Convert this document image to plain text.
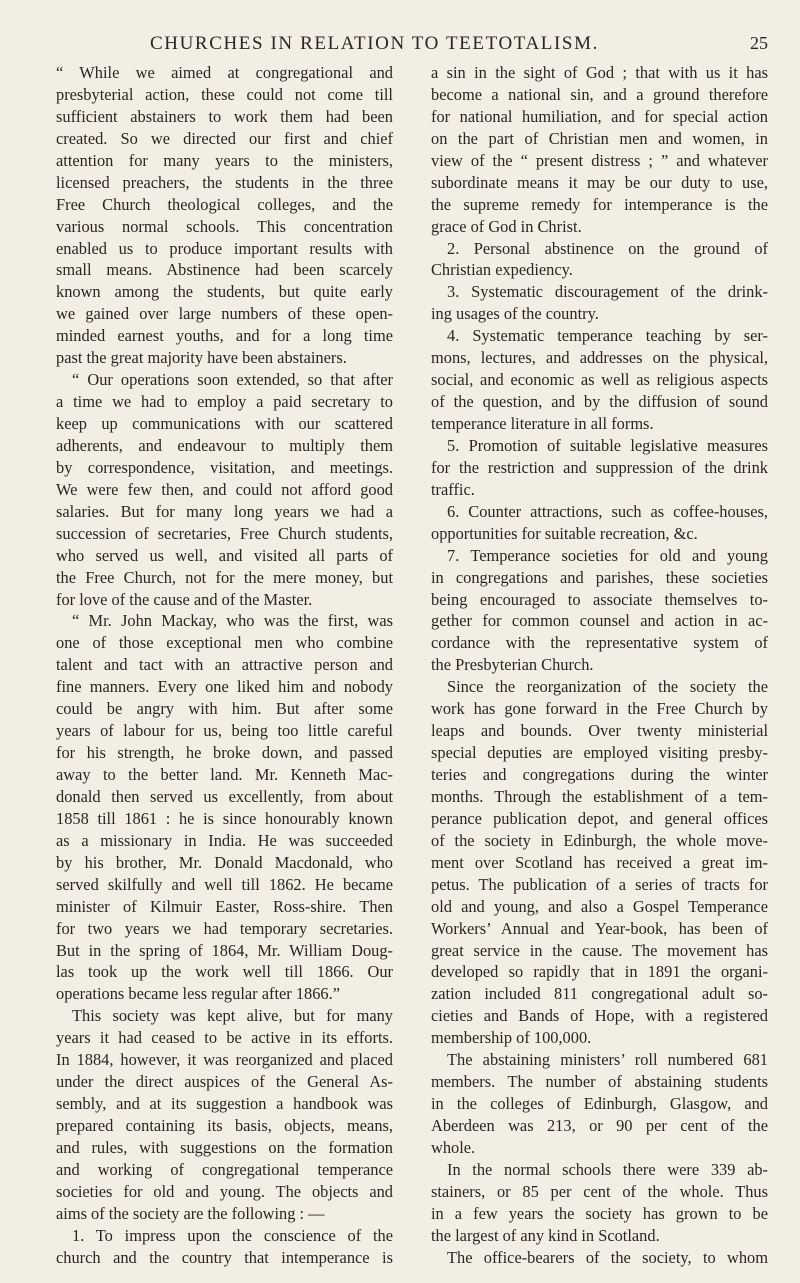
CHURCHES IN RELATION TO TEETOTALISM.	25
“ While we aimed at congregational and
presbyterial action, these could not come till
sufficient abstainers to work them had been
created. So we directed our first and chief
attention for many years to the ministers,
licensed preachers, the students in the three
Free Church theological colleges, and the
various normal schools. This concentration
enabled us to produce important results with
small means. Abstinence had been scarcely
known among the students, but quite early
we gained over large numbers of these open-
minded earnest youths, and for a long time
past the great majority have been abstainers.
“ Our operations soon extended, so that after
a time we had to employ a paid secretary to
keep up communications with our scattered
adherents, and endeavour to multiply them
by correspondence, visitation, and meetings.
We were few then, and could not afford good
salaries. But for many long years we had a
succession of secretaries, Free Church students,
who served us well, and visited all parts of
the Free Church, not for the mere money, but
for love of the cause and of the Master.
“ Mr. John Mackay, who was the first, was
one of those exceptional men who combine
talent and tact with an attractive person and
fine manners. Every one liked him and nobody
could be angry with him. But after some
years of labour for us, being too little careful
for his strength, he broke down, and passed
away to the better land. Mr. Kenneth Mac-
donald then served us excellently, from about
1858 till 1861 : he is since honourably known
as a missionary in India. He was succeeded
by his brother, Mr. Donald Macdonald, who
served skilfully and well till 1862. He became
minister of Kilmuir Easter, Ross-shire. Then
for two years we had temporary secretaries.
But in the spring of 1864, Mr. William Doug-
las took up the work well till 1866. Our
operations became less regular after 1866.”
This society was kept alive, but for many
years it had ceased to be active in its efforts.
In 1884, however, it was reorganized and placed
under the direct auspices of the General As-
sembly, and at its suggestion a handbook was
prepared containing its basis, objects, means,
and rules, with suggestions on the formation
and working of congregational temperance
societies for old and young. The objects and
aims of the society are the following : —
1. To impress upon the conscience of the
church and the country that intemperance is
a sin in the sight of God ; that with us it has
become a national sin, and a ground therefore
for national humiliation, and for special action
on the part of Christian men and women, in
view of the “ present distress ; ” and whatever
subordinate means it may be our duty to use,
the supreme remedy for intemperance is the
grace of God in Christ.
2. Personal abstinence on the ground of
Christian expediency.
3. Systematic discouragement of the drink-
ing usages of the country.
4. Systematic temperance teaching by ser-
mons, lectures, and addresses on the physical,
social, and economic as well as religious aspects
of the question, and by the diffusion of sound
temperance literature in all forms.
5. Promotion of suitable legislative measures
for the restriction and suppression of the drink
traffic.
6. Counter attractions, such as coffee-houses,
opportunities for suitable recreation, &c.
7. Temperance societies for old and young
in congregations and parishes, these societies
being encouraged to associate themselves to-
gether for common counsel and action in ac-
cordance with the representative system of
the Presbyterian Church.
Since the reorganization of the society the
work has gone forward in the Free Church by
leaps and bounds. Over twenty ministerial
special deputies are employed visiting presby-
teries and congregations during the winter
months. Through the establishment of a tem-
perance publication depot, and general offices
of the society in Edinburgh, the whole move-
ment over Scotland has received a great im-
petus. The publication of a series of tracts for
old and young, and also a Gospel Temperance
Workers’ Annual and Year-book, has been of
great service in the cause. The movement has
developed so rapidly that in 1891 the organi-
zation included 811 congregational adult so-
cieties and Bands of Hope, with a registered
membership of 100,000.
The abstaining ministers’ roll numbered 681
members. The number of abstaining students
in the colleges of Edinburgh, Glasgow, and
Aberdeen was 213, or 90 per cent of the
whole.
In the normal schools there were 339 ab-
stainers, or 85 per cent of the whole. Thus
in a few years the society has grown to be
the largest of any kind in Scotland.
The office-bearers of the society, to whom
